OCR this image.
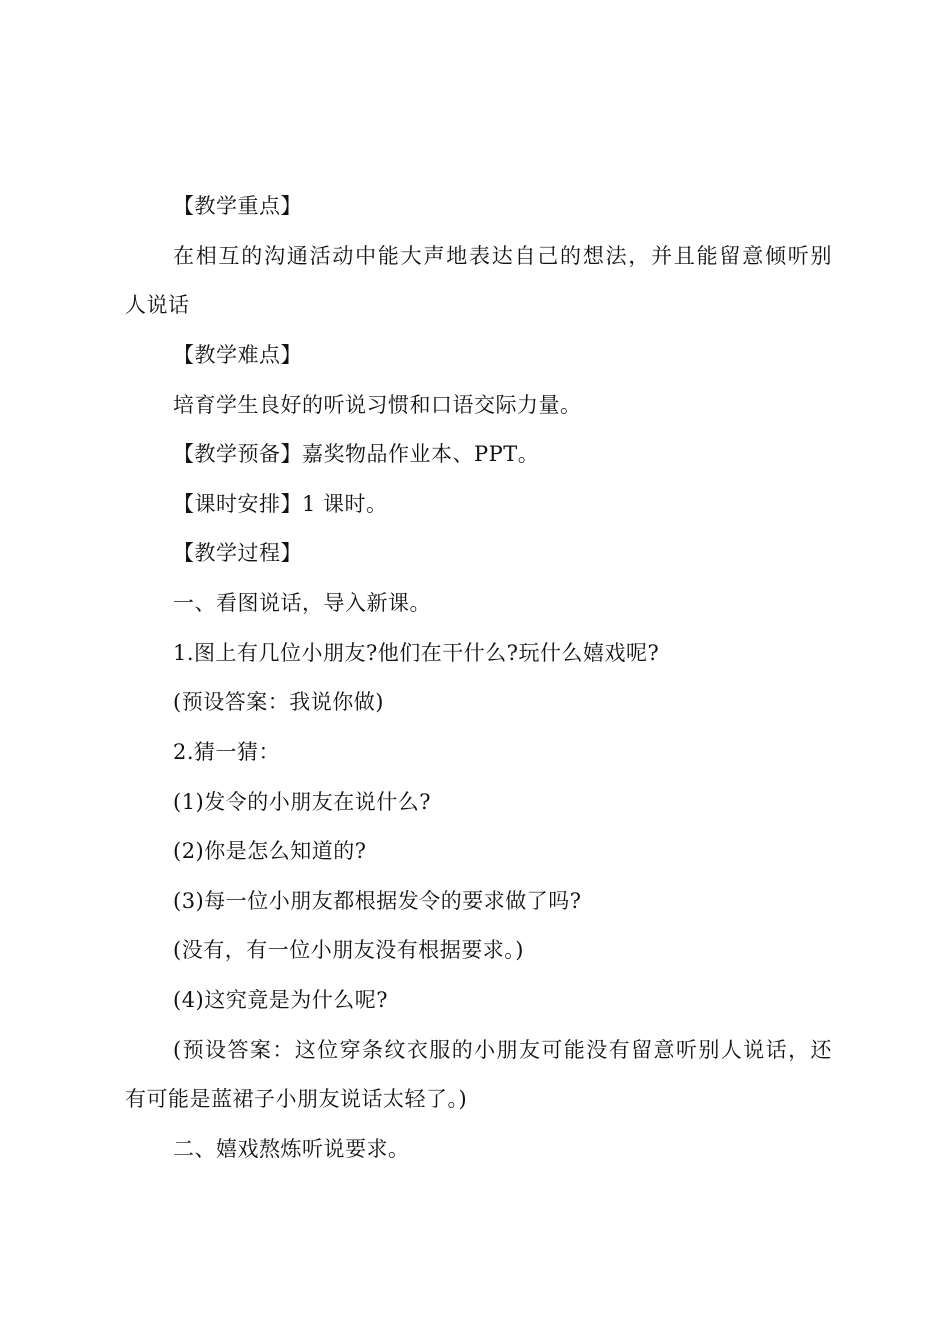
【教学重点】
在相互的沟通活动中能大声地表达自己的想法，并且能留意倾听别
人说话
【教学难点】
培育学生良好的听说习惯和口语交际力量。
【教学预备】嘉奖物品作业本、PPT。
【课时安排】1 课时。
【教学过程】
一、看图说话，导入新课。
1.图上有几位小朋友?他们在干什么?玩什么嬉戏呢?
(预设答案：我说你做)
2.猜一猜：
(1)发令的小朋友在说什么?
(2)你是怎么知道的?
(3)每一位小朋友都根据发令的要求做了吗?
(没有，有一位小朋友没有根据要求。)
(4)这究竟是为什么呢?
(预设答案：这位穿条纹衣服的小朋友可能没有留意听别人说话，还
有可能是蓝裙子小朋友说话太轻了。)
二、嬉戏熬炼听说要求。
